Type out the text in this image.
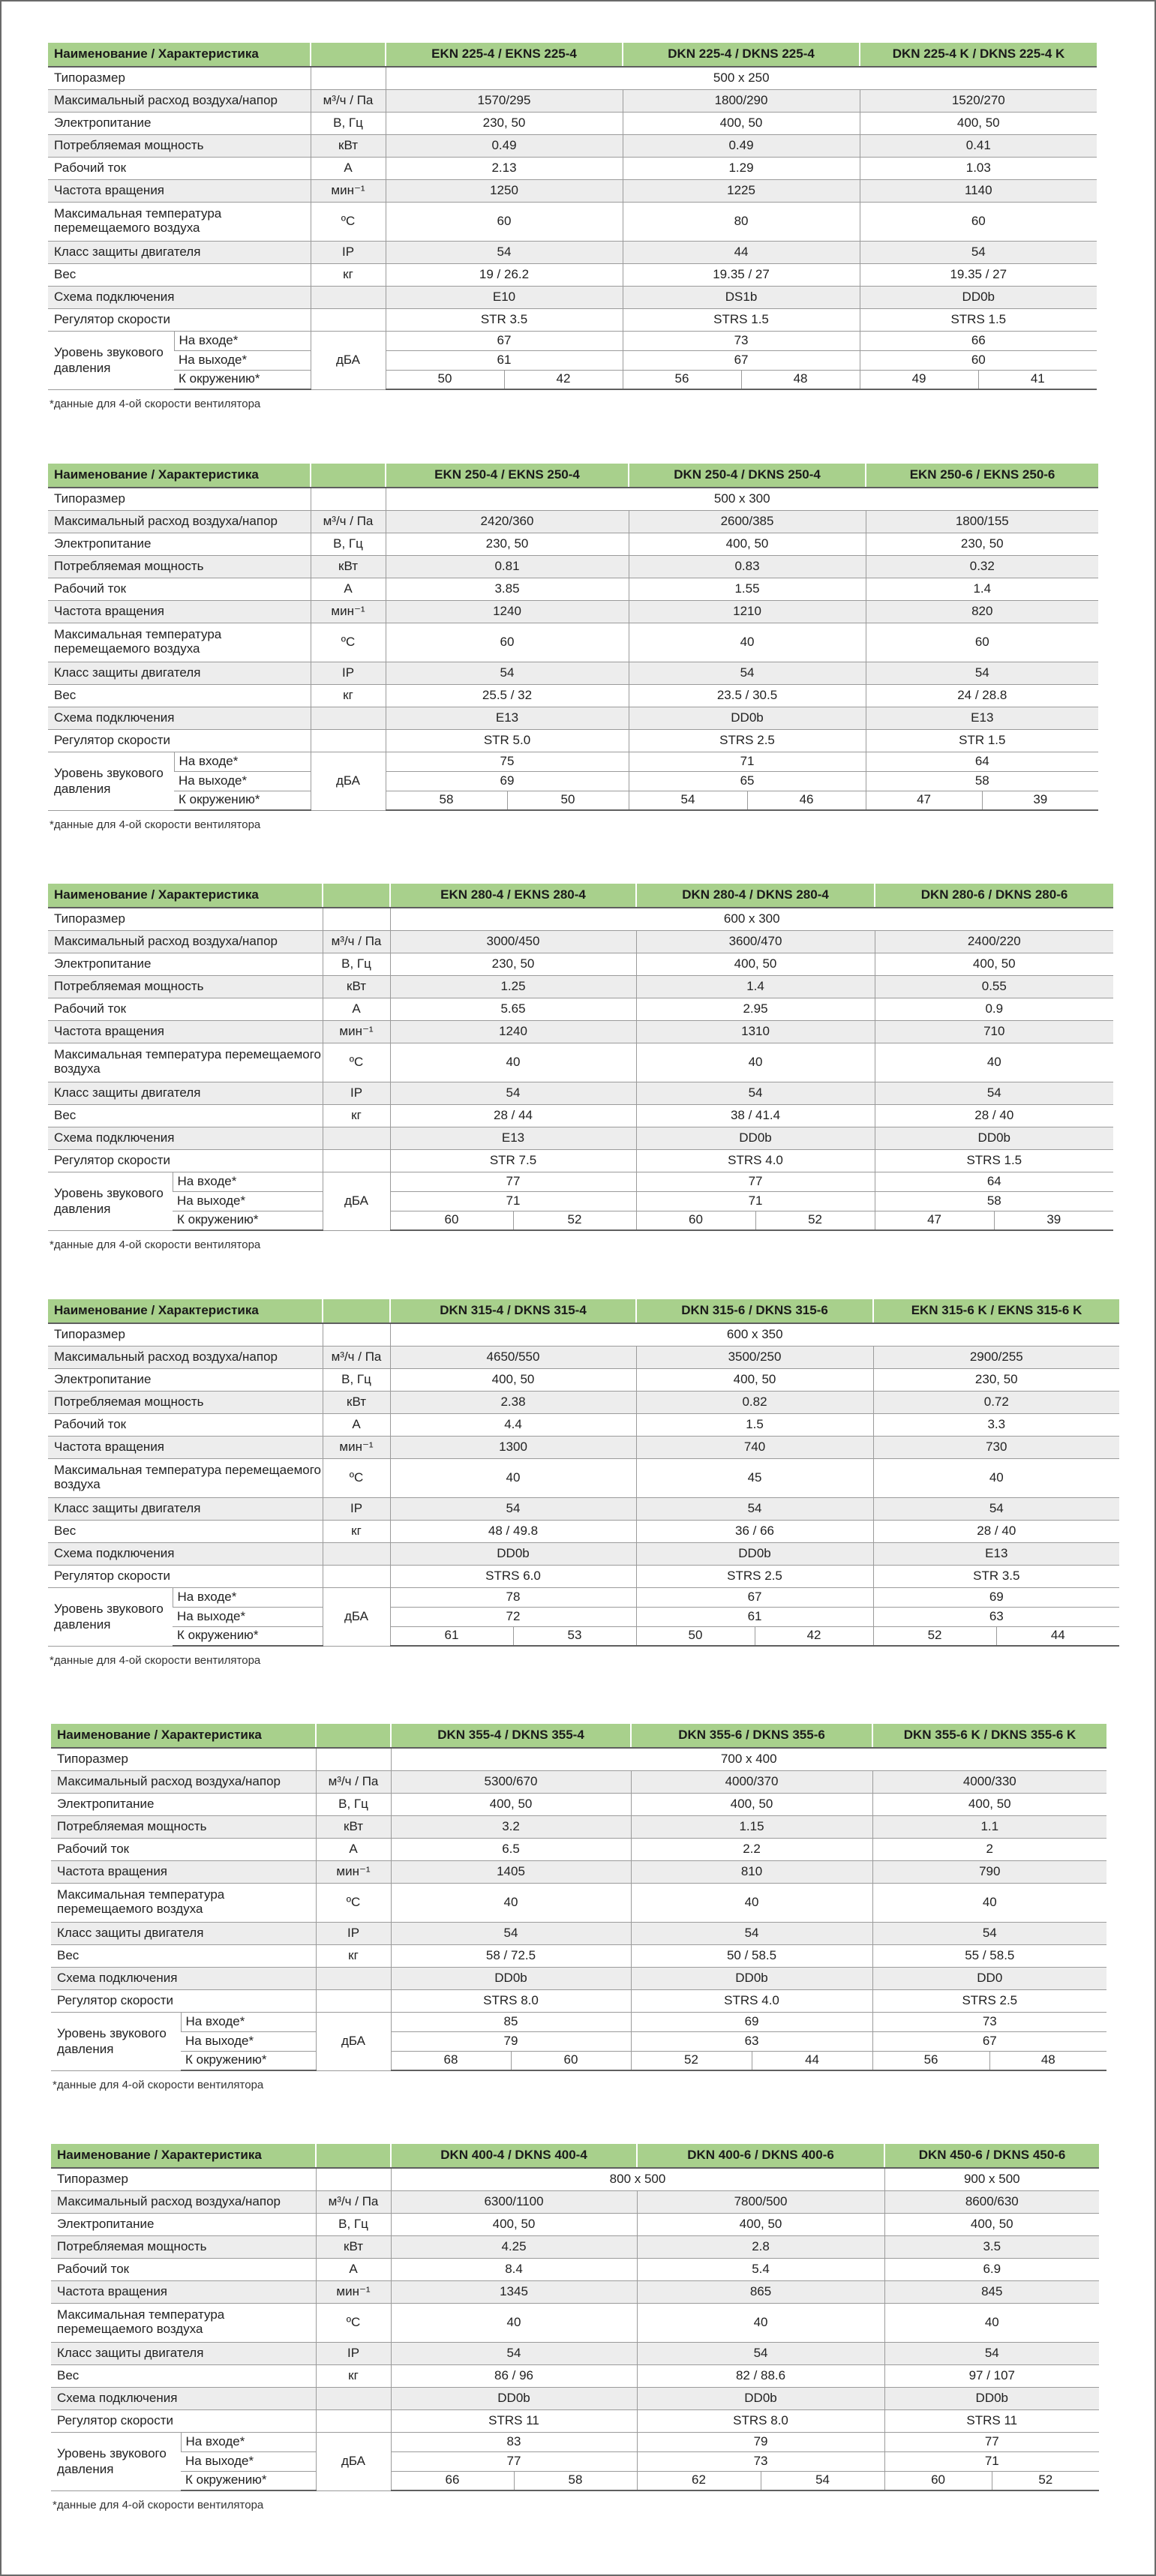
Наименование / Характеристика			EKN 225-4 / EKNS 225-4		DKN 225-4 / DKNS 225-4		DKN 225-4 K / DKNS 225-4 K	
Типоразмер			500 x 250					
Максимальный расход воздуха/напор		м³/ч / Па	1570/295		1800/290		1520/270	
Электропитание		В, Гц	230, 50		400, 50		400, 50	
Потребляемая мощность		кВт	0.49		0.49		0.41	
Рабочий ток		А	2.13		1.29		1.03	
Частота вращения		мин⁻¹	1250		1225		1140	
Максимальная температура перемещаемого воздуха		ºС	60		80		60	
Класс защиты двигателя		IP	54		44		54	
Вес		кг	19 / 26.2		19.35 / 27		19.35 / 27	
Схема подключения			E10		DS1b		DD0b	
Регулятор скорости			STR 3.5		STRS 1.5		STRS 1.5	
Уровень звукового давления	На входе*	дБА	67		73		66	
	На выходе*		61		67		60	
	К окружению*		50	42	56	48	49	41
*данные для 4-ой скорости вентилятора
Наименование / Характеристика			EKN 250-4 / EKNS 250-4		DKN 250-4 / DKNS 250-4		EKN 250-6 / EKNS 250-6	
Типоразмер			500 x 300					
Максимальный расход воздуха/напор		м³/ч / Па	2420/360		2600/385		1800/155	
Электропитание		В, Гц	230, 50		400, 50		230, 50	
Потребляемая мощность		кВт	0.81		0.83		0.32	
Рабочий ток		А	3.85		1.55		1.4	
Частота вращения		мин⁻¹	1240		1210		820	
Максимальная температура перемещаемого воздуха		ºС	60		40		60	
Класс защиты двигателя		IP	54		54		54	
Вес		кг	25.5 / 32		23.5 / 30.5		24 / 28.8	
Схема подключения			E13		DD0b		E13	
Регулятор скорости			STR 5.0		STRS 2.5		STR 1.5	
Уровень звукового давления	На входе*	дБА	75		71		64	
	На выходе*		69		65		58	
	К окружению*		58	50	54	46	47	39
*данные для 4-ой скорости вентилятора
Наименование / Характеристика			EKN 280-4 / EKNS 280-4		DKN 280-4 / DKNS 280-4		DKN 280-6 / DKNS 280-6	
Типоразмер			600 x 300					
Максимальный расход воздуха/напор		м³/ч / Па	3000/450		3600/470		2400/220	
Электропитание		В, Гц	230, 50		400, 50		400, 50	
Потребляемая мощность		кВт	1.25		1.4		0.55	
Рабочий ток		А	5.65		2.95		0.9	
Частота вращения		мин⁻¹	1240		1310		710	
Максимальная температура перемещаемого воздуха		ºС	40		40		40	
Класс защиты двигателя		IP	54		54		54	
Вес		кг	28 / 44		38 / 41.4		28 / 40	
Схема подключения			E13		DD0b		DD0b	
Регулятор скорости			STR 7.5		STRS 4.0		STRS 1.5	
Уровень звукового давления	На входе*	дБА	77		77		64	
	На выходе*		71		71		58	
	К окружению*		60	52	60	52	47	39
*данные для 4-ой скорости вентилятора
Наименование / Характеристика			DKN 315-4 / DKNS 315-4		DKN 315-6 / DKNS 315-6		EKN 315-6 K / EKNS 315-6 K	
Типоразмер			600 x 350					
Максимальный расход воздуха/напор		м³/ч / Па	4650/550		3500/250		2900/255	
Электропитание		В, Гц	400, 50		400, 50		230, 50	
Потребляемая мощность		кВт	2.38		0.82		0.72	
Рабочий ток		А	4.4		1.5		3.3	
Частота вращения		мин⁻¹	1300		740		730	
Максимальная температура перемещаемого воздуха		ºС	40		45		40	
Класс защиты двигателя		IP	54		54		54	
Вес		кг	48 / 49.8		36 / 66		28 / 40	
Схема подключения			DD0b		DD0b		E13	
Регулятор скорости			STRS 6.0		STRS 2.5		STR 3.5	
Уровень звукового давления	На входе*	дБА	78		67		69	
	На выходе*		72		61		63	
	К окружению*		61	53	50	42	52	44
*данные для 4-ой скорости вентилятора
Наименование / Характеристика			DKN 355-4 / DKNS 355-4		DKN 355-6 / DKNS 355-6		DKN 355-6 K / DKNS 355-6 K	
Типоразмер			700 x 400					
Максимальный расход воздуха/напор		м³/ч / Па	5300/670		4000/370		4000/330	
Электропитание		В, Гц	400, 50		400, 50		400, 50	
Потребляемая мощность		кВт	3.2		1.15		1.1	
Рабочий ток		А	6.5		2.2		2	
Частота вращения		мин⁻¹	1405		810		790	
Максимальная температура перемещаемого воздуха		ºС	40		40		40	
Класс защиты двигателя		IP	54		54		54	
Вес		кг	58 / 72.5		50 / 58.5		55 / 58.5	
Схема подключения			DD0b		DD0b		DD0	
Регулятор скорости			STRS 8.0		STRS 4.0		STRS 2.5	
Уровень звукового давления	На входе*	дБА	85		69		73	
	На выходе*		79		63		67	
	К окружению*		68	60	52	44	56	48
*данные для 4-ой скорости вентилятора
Наименование / Характеристика			DKN 400-4 / DKNS 400-4		DKN 400-6 / DKNS 400-6		DKN 450-6 / DKNS 450-6	
Типоразмер			800 x 500				900 x 500	
Максимальный расход воздуха/напор		м³/ч / Па	6300/1100		7800/500		8600/630	
Электропитание		В, Гц	400, 50		400, 50		400, 50	
Потребляемая мощность		кВт	4.25		2.8		3.5	
Рабочий ток		А	8.4		5.4		6.9	
Частота вращения		мин⁻¹	1345		865		845	
Максимальная температура перемещаемого воздуха		ºС	40		40		40	
Класс защиты двигателя		IP	54		54		54	
Вес		кг	86 / 96		82 / 88.6		97 / 107	
Схема подключения			DD0b		DD0b		DD0b	
Регулятор скорости			STRS 11		STRS 8.0		STRS 11	
Уровень звукового давления	На входе*	дБА	83		79		77	
	На выходе*		77		73		71	
	К окружению*		66	58	62	54	60	52
*данные для 4-ой скорости вентилятора
